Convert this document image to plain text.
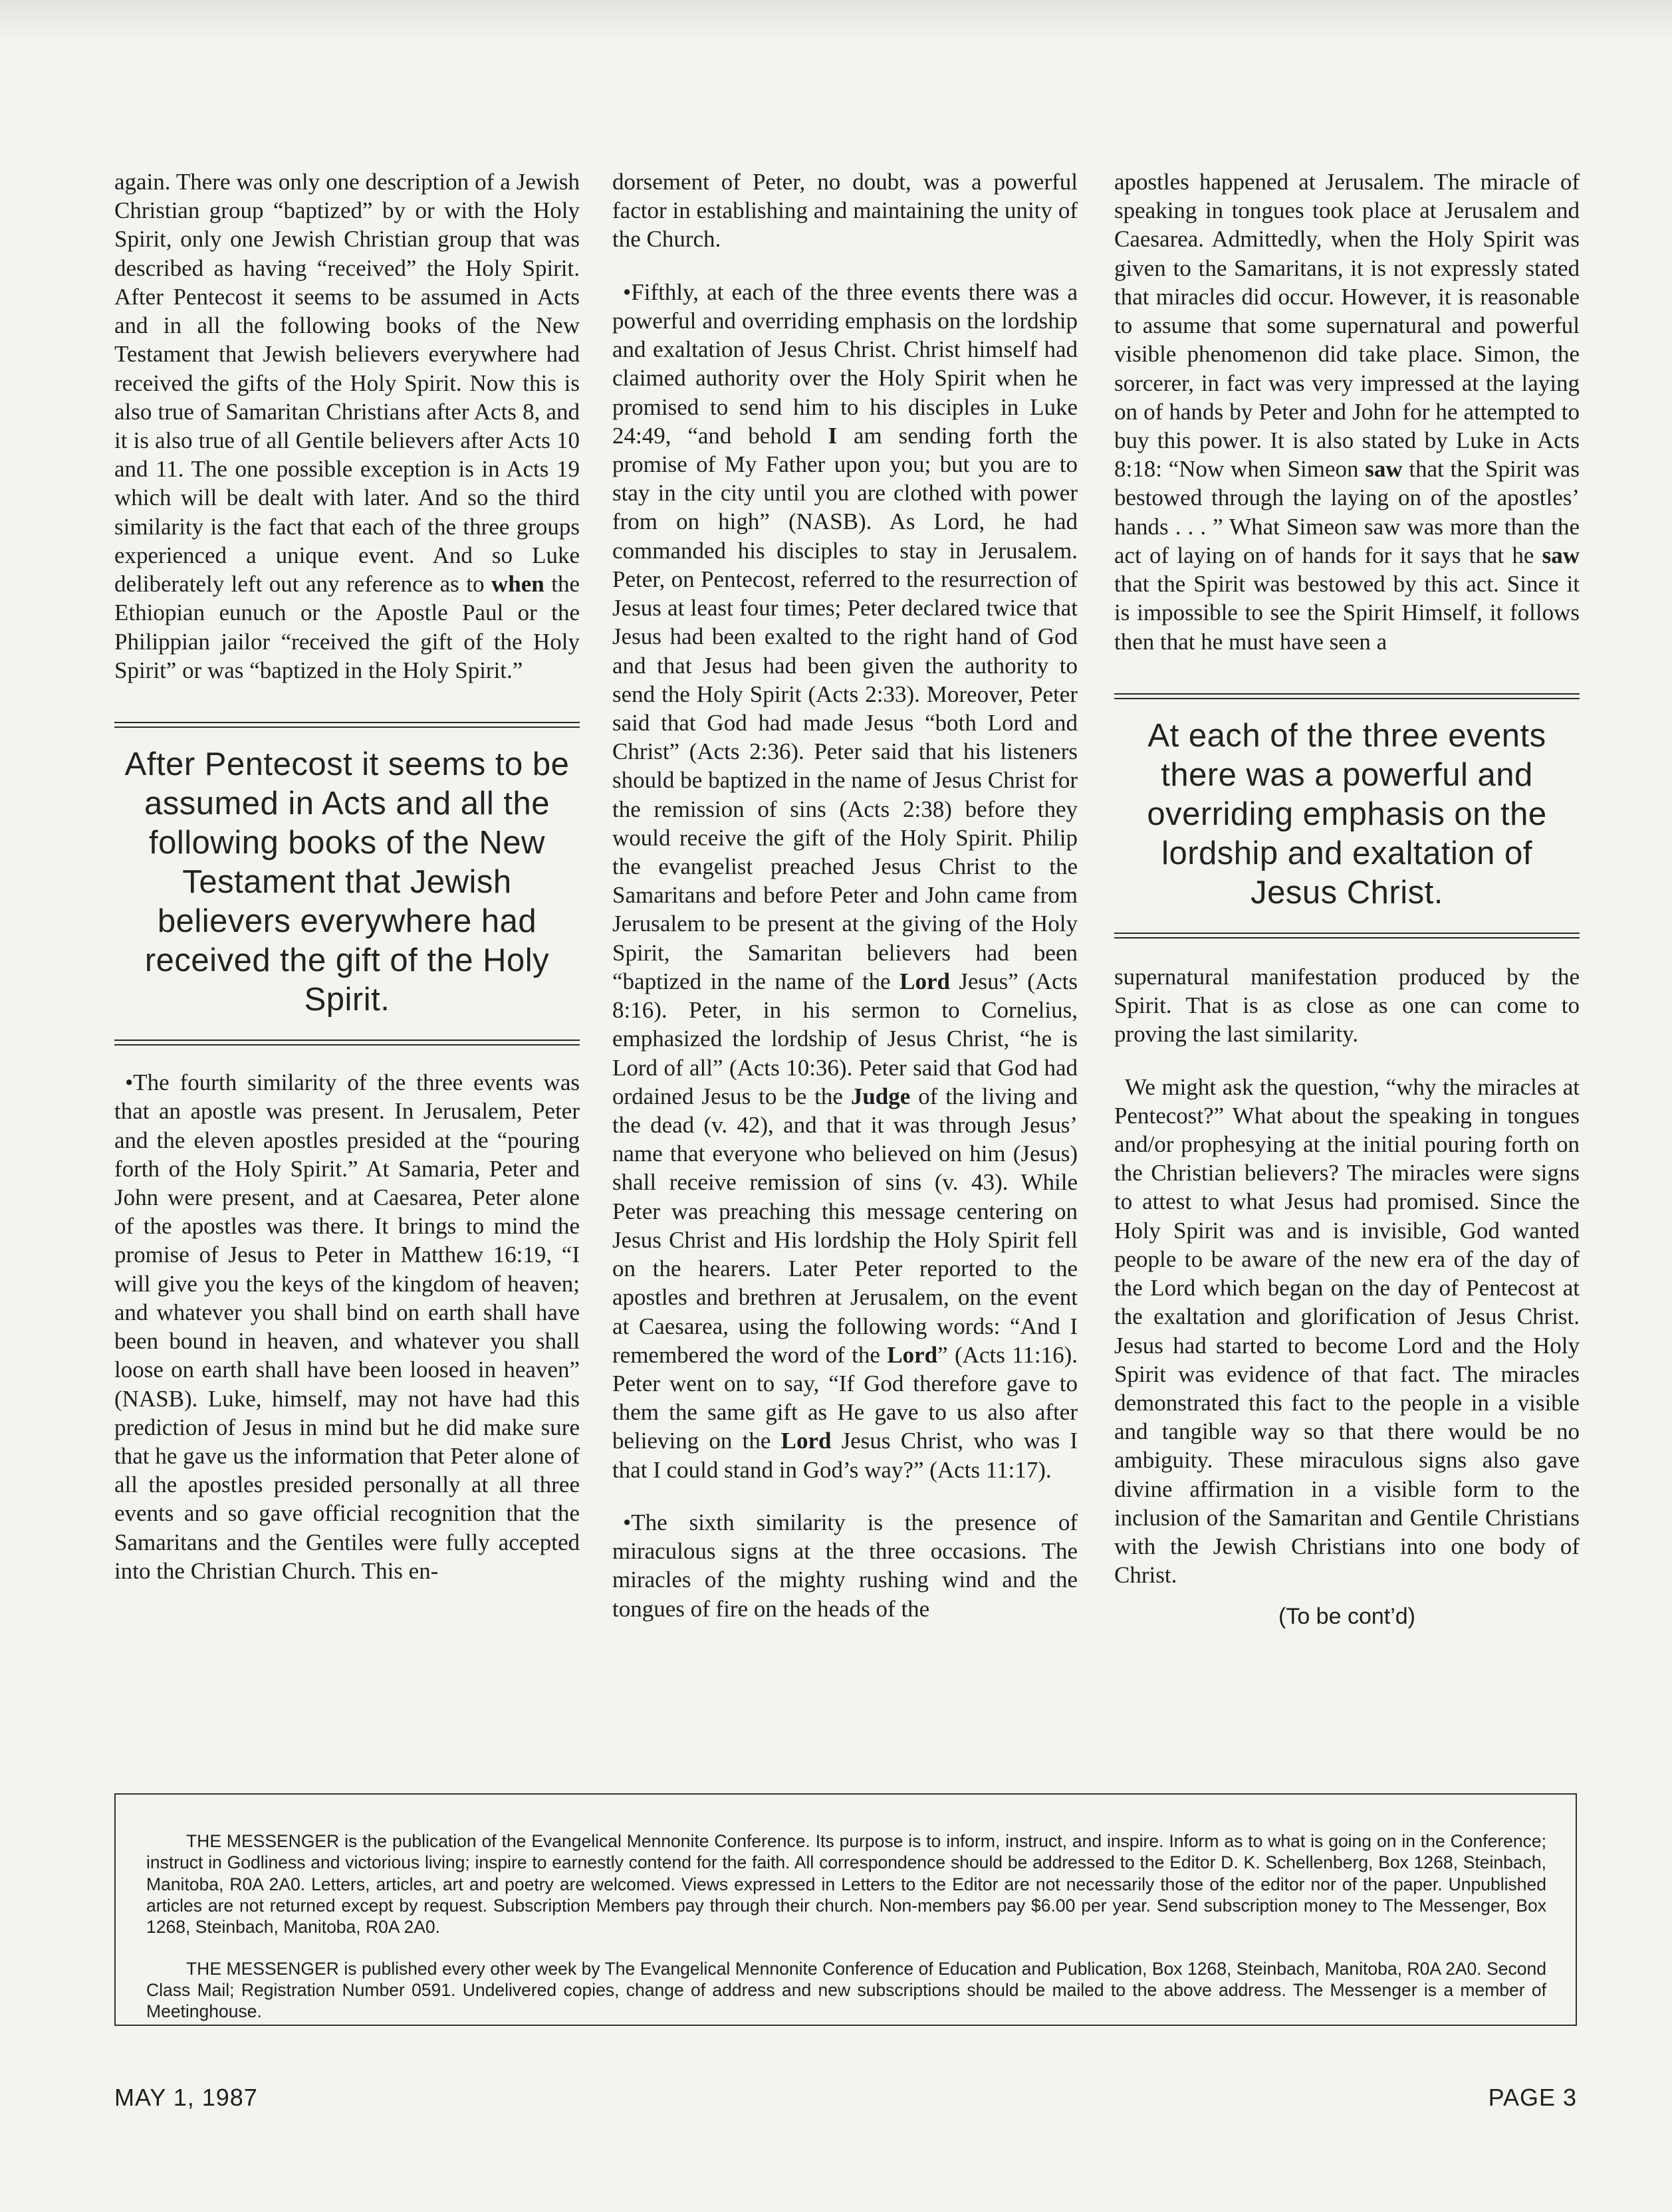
again. There was only one description of a Jewish Christian group “baptized” by or with the Holy Spirit, only one Jewish Christian group that was described as having “received” the Holy Spirit. After Pentecost it seems to be assumed in Acts and in all the following books of the New Testament that Jewish believers everywhere had received the gifts of the Holy Spirit. Now this is also true of Samaritan Christians after Acts 8, and it is also true of all Gentile believers after Acts 10 and 11. The one possible exception is in Acts 19 which will be dealt with later. And so the third similarity is the fact that each of the three groups experienced a unique event. And so Luke deliberately left out any reference as to when the Ethiopian eunuch or the Apostle Paul or the Philippian jailor “received the gift of the Holy Spirit” or was “baptized in the Holy Spirit.”

After Pentecost it seems to be assumed in Acts and all the following books of the New Testament that Jewish believers everywhere had received the gift of the Holy Spirit.

•The fourth similarity of the three events was that an apostle was present. In Jerusalem, Peter and the eleven apostles presided at the “pouring forth of the Holy Spirit.” At Samaria, Peter and John were present, and at Caesarea, Peter alone of the apostles was there. It brings to mind the promise of Jesus to Peter in Matthew 16:19, “I will give you the keys of the kingdom of heaven; and whatever you shall bind on earth shall have been bound in heaven, and whatever you shall loose on earth shall have been loosed in heaven” (NASB). Luke, himself, may not have had this prediction of Jesus in mind but he did make sure that he gave us the information that Peter alone of all the apostles presided personally at all three events and so gave official recognition that the Samaritans and the Gentiles were fully accepted into the Christian Church. This en-

dorsement of Peter, no doubt, was a powerful factor in establishing and maintaining the unity of the Church.

•Fifthly, at each of the three events there was a powerful and overriding emphasis on the lordship and exaltation of Jesus Christ. Christ himself had claimed authority over the Holy Spirit when he promised to send him to his disciples in Luke 24:49, “and behold I am sending forth the promise of My Father upon you; but you are to stay in the city until you are clothed with power from on high” (NASB). As Lord, he had commanded his disciples to stay in Jerusalem. Peter, on Pentecost, referred to the resurrection of Jesus at least four times; Peter declared twice that Jesus had been exalted to the right hand of God and that Jesus had been given the authority to send the Holy Spirit (Acts 2:33). Moreover, Peter said that God had made Jesus “both Lord and Christ” (Acts 2:36). Peter said that his listeners should be baptized in the name of Jesus Christ for the remission of sins (Acts 2:38) before they would receive the gift of the Holy Spirit. Philip the evangelist preached Jesus Christ to the Samaritans and before Peter and John came from Jerusalem to be present at the giving of the Holy Spirit, the Samaritan believers had been “baptized in the name of the Lord Jesus” (Acts 8:16). Peter, in his sermon to Cornelius, emphasized the lordship of Jesus Christ, “he is Lord of all” (Acts 10:36). Peter said that God had ordained Jesus to be the Judge of the living and the dead (v. 42), and that it was through Jesus’ name that everyone who believed on him (Jesus) shall receive remission of sins (v. 43). While Peter was preaching this message centering on Jesus Christ and His lordship the Holy Spirit fell on the hearers. Later Peter reported to the apostles and brethren at Jerusalem, on the event at Caesarea, using the following words: “And I remembered the word of the Lord” (Acts 11:16). Peter went on to say, “If God therefore gave to them the same gift as He gave to us also after believing on the Lord Jesus Christ, who was I that I could stand in God’s way?” (Acts 11:17).

•The sixth similarity is the presence of miraculous signs at the three occasions. The miracles of the mighty rushing wind and the tongues of fire on the heads of the

apostles happened at Jerusalem. The miracle of speaking in tongues took place at Jerusalem and Caesarea. Admittedly, when the Holy Spirit was given to the Samaritans, it is not expressly stated that miracles did occur. However, it is reasonable to assume that some supernatural and powerful visible phenomenon did take place. Simon, the sorcerer, in fact was very impressed at the laying on of hands by Peter and John for he attempted to buy this power. It is also stated by Luke in Acts 8:18: “Now when Simeon saw that the Spirit was bestowed through the laying on of the apostles’ hands . . . ” What Simeon saw was more than the act of laying on of hands for it says that he saw that the Spirit was bestowed by this act. Since it is impossible to see the Spirit Himself, it follows then that he must have seen a

At each of the three events there was a powerful and overriding emphasis on the lordship and exaltation of Jesus Christ.

supernatural manifestation produced by the Spirit. That is as close as one can come to proving the last similarity.

We might ask the question, “why the miracles at Pentecost?” What about the speaking in tongues and/or prophesying at the initial pouring forth on the Christian believers? The miracles were signs to attest to what Jesus had promised. Since the Holy Spirit was and is invisible, God wanted people to be aware of the new era of the day of the Lord which began on the day of Pentecost at the exaltation and glorification of Jesus Christ. Jesus had started to become Lord and the Holy Spirit was evidence of that fact. The miracles demonstrated this fact to the people in a visible and tangible way so that there would be no ambiguity. These miraculous signs also gave divine affirmation in a visible form to the inclusion of the Samaritan and Gentile Christians with the Jewish Christians into one body of Christ.

(To be cont’d)

THE MESSENGER is the publication of the Evangelical Mennonite Conference. Its purpose is to inform, instruct, and inspire. Inform as to what is going on in the Conference; instruct in Godliness and victorious living; inspire to earnestly contend for the faith. All correspondence should be addressed to the Editor D. K. Schellenberg, Box 1268, Steinbach, Manitoba, R0A 2A0. Letters, articles, art and poetry are welcomed. Views expressed in Letters to the Editor are not necessarily those of the editor nor of the paper. Unpublished articles are not returned except by request. Subscription Members pay through their church. Non-members pay $6.00 per year. Send subscription money to The Messenger, Box 1268, Steinbach, Manitoba, R0A 2A0.

THE MESSENGER is published every other week by The Evangelical Mennonite Conference of Education and Publication, Box 1268, Steinbach, Manitoba, R0A 2A0. Second Class Mail; Registration Number 0591. Undelivered copies, change of address and new subscriptions should be mailed to the above address. The Messenger is a member of Meetinghouse.

MAY 1, 1987	PAGE 3
